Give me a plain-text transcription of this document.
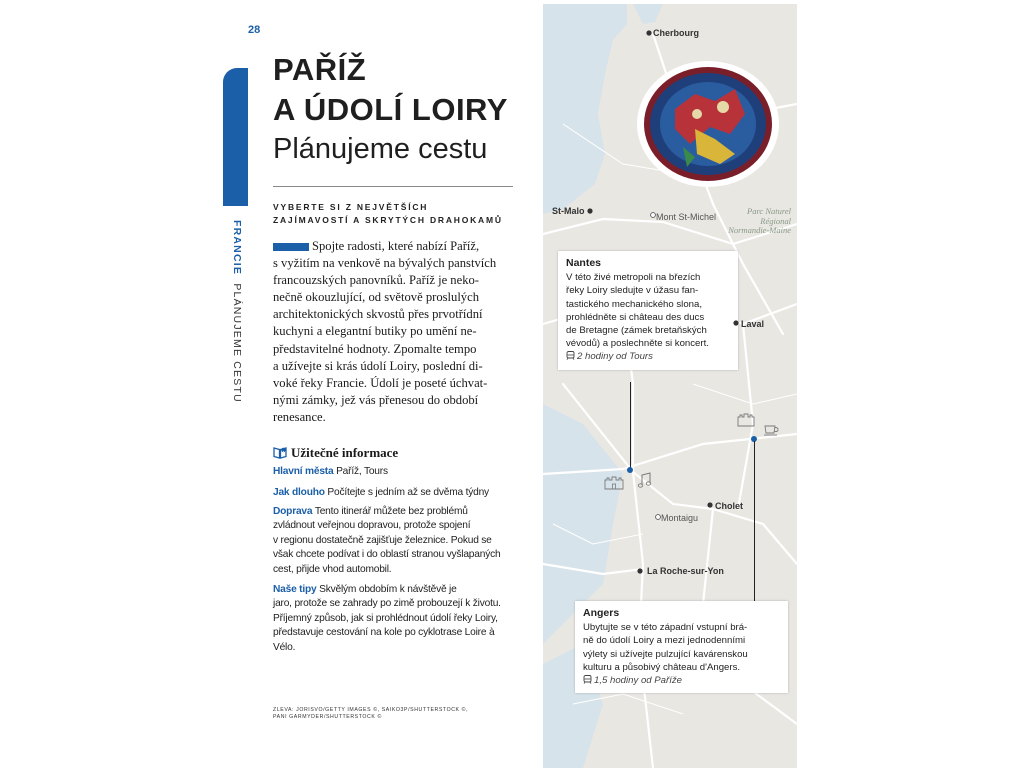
28
FRANCIE  PLÁNUJEME CESTU
PAŘÍŽ
A ÚDOLÍ LOIRY
Plánujeme cestu
VYBERTE SI Z NEJVĚTŠÍCH
ZAJÍMAVOSTÍ A SKRYTÝCH DRAHOKAMŮ
Spojte radosti, které nabízí Paříž,
s vyžitím na venkově na bývalých panstvích
francouzských panovníků. Paříž je neko-
nečně okouzlující, od světově proslulých
architektonických skvostů přes prvotřídní
kuchyni a elegantní butiky po umění ne-
představitelné hodnoty. Zpomalte tempo
a užívejte si krás údolí Loiry, poslední di-
voké řeky Francie. Údolí je poseté úchvat-
nými zámky, jež vás přenesou do období
renesance.
Užitečné informace
Hlavní města Paříž, Tours
Jak dlouho Počítejte s jedním až se dvěma týdny
Doprava Tento itinerář můžete bez problémů
zvládnout veřejnou dopravou, protože spojení
v regionu dostatečně zajišťuje železnice. Pokud se
však chcete podívat i do oblastí stranou vyšlapaných
cest, přijde vhod automobil.
Naše tipy Skvělým obdobím k návštěvě je
jaro, protože se zahrady po zimě probouzejí k životu.
Příjemný způsob, jak si prohlédnout údolí řeky Loiry,
představuje cestování na kole po cyklotrase Loire à
Vélo.
ZLEVA: JORISVO/GETTY IMAGES ©, SAIKO3P/SHUTTERSTOCK ©,
PANI GARMYDER/SHUTTERSTOCK ©
Cherbourg
St-Malo
Mont St-Michel
Parc Naturel
Régional
Normandie-Maine
Nantes
V této živé metropoli na březích
řeky Loiry sledujte v úžasu fan-
tastického mechanického slona,
prohlédněte si château des ducs
de Bretagne (zámek bretaňských
vévodů) a poslechněte si koncert.
2 hodiny od Tours
Laval
Cholet
Montaigu
La Roche-sur-Yon
Angers
Ubytujte se v této západní vstupní brá-
ně do údolí Loiry a mezi jednodenními
výlety si užívejte pulzující kavárenskou
kulturu a působivý château d'Angers.
1,5 hodiny od Paříže
